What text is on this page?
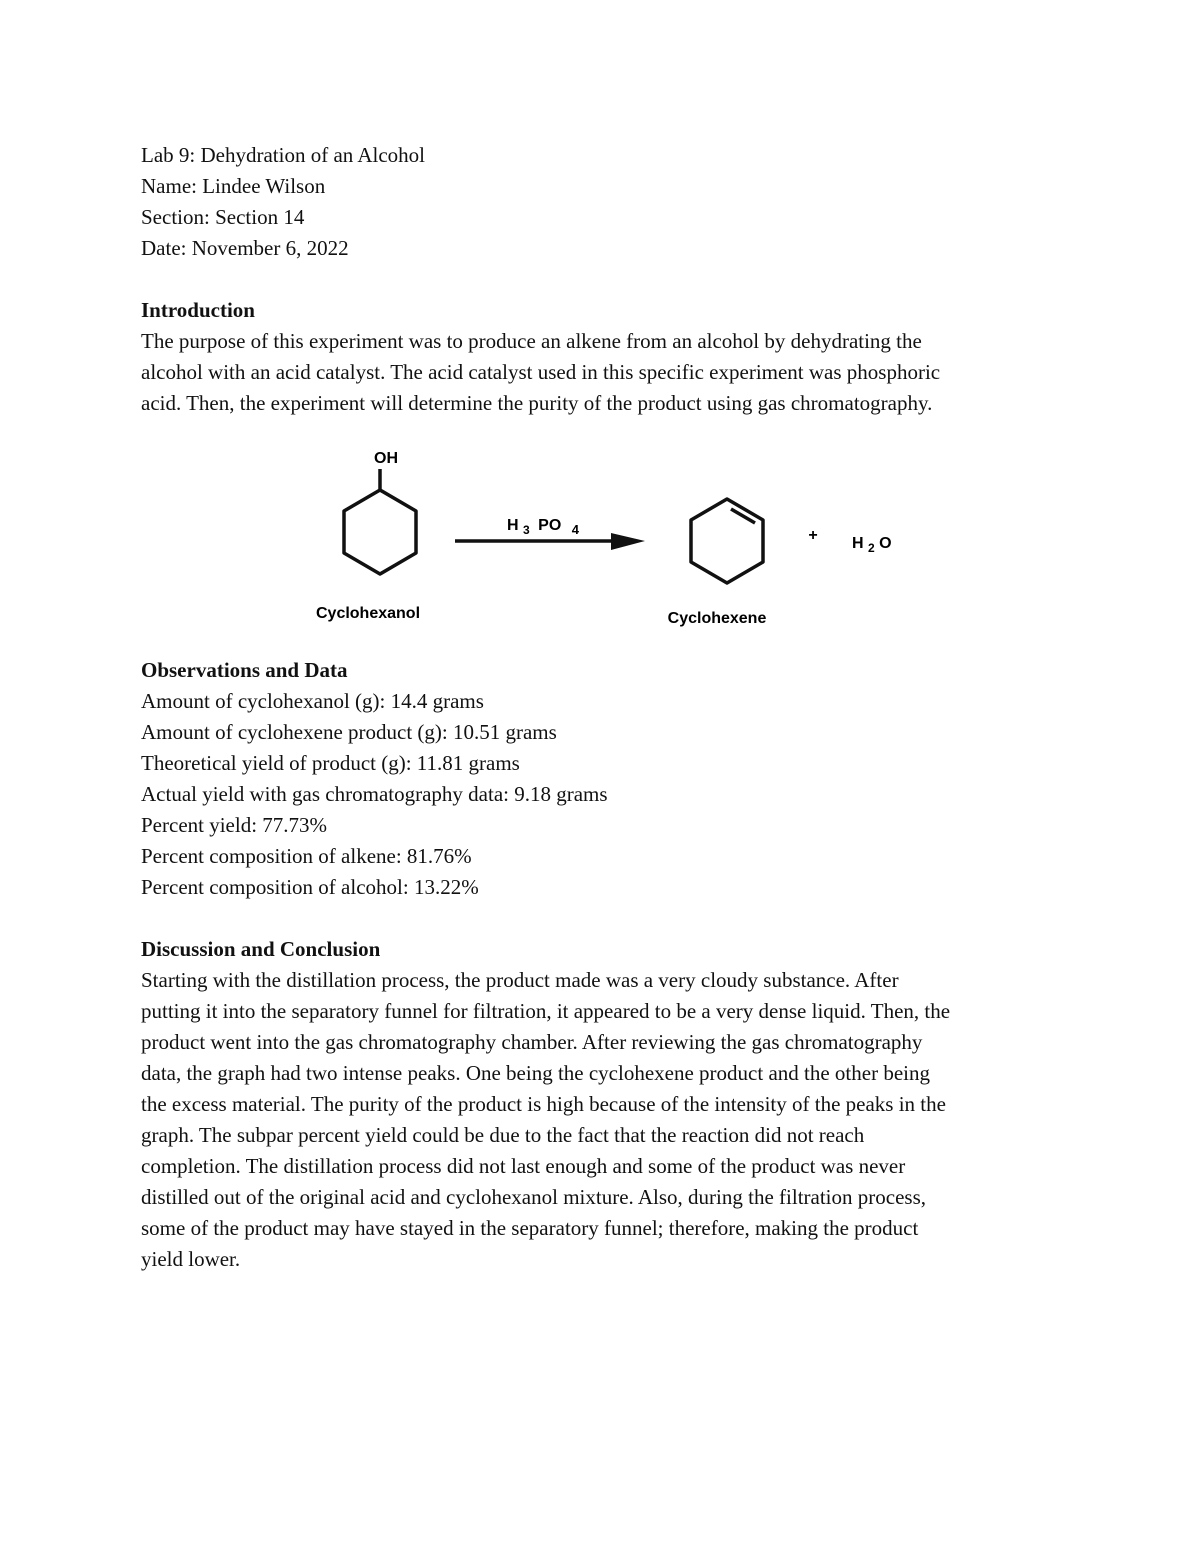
Lab 9: Dehydration of an Alcohol
Name: Lindee Wilson
Section: Section 14
Date: November 6, 2022
Introduction
The purpose of this experiment was to produce an alkene from an alcohol by dehydrating the
alcohol with an acid catalyst. The acid catalyst used in this specific experiment was phosphoric
acid. Then, the experiment will determine the purity of the product using gas chromatography.
OH
Cyclohexanol
H $_3$ PO $_4$
Cyclohexene
+ H $_2$ O
Observations and Data
Amount of cyclohexanol (g): 14.4 grams
Amount of cyclohexene product (g): 10.51 grams
Theoretical yield of product (g): 11.81 grams
Actual yield with gas chromatography data: 9.18 grams
Percent yield: 77.73%
Percent composition of alkene: 81.76%
Percent composition of alcohol: 13.22%
Discussion and Conclusion
Starting with the distillation process, the product made was a very cloudy substance. After
putting it into the separatory funnel for filtration, it appeared to be a very dense liquid. Then, the
product went into the gas chromatography chamber. After reviewing the gas chromatography
data, the graph had two intense peaks. One being the cyclohexene product and the other being
the excess material. The purity of the product is high because of the intensity of the peaks in the
graph. The subpar percent yield could be due to the fact that the reaction did not reach
completion. The distillation process did not last enough and some of the product was never
distilled out of the original acid and cyclohexanol mixture. Also, during the filtration process,
some of the product may have stayed in the separatory funnel; therefore, making the product
yield lower.
